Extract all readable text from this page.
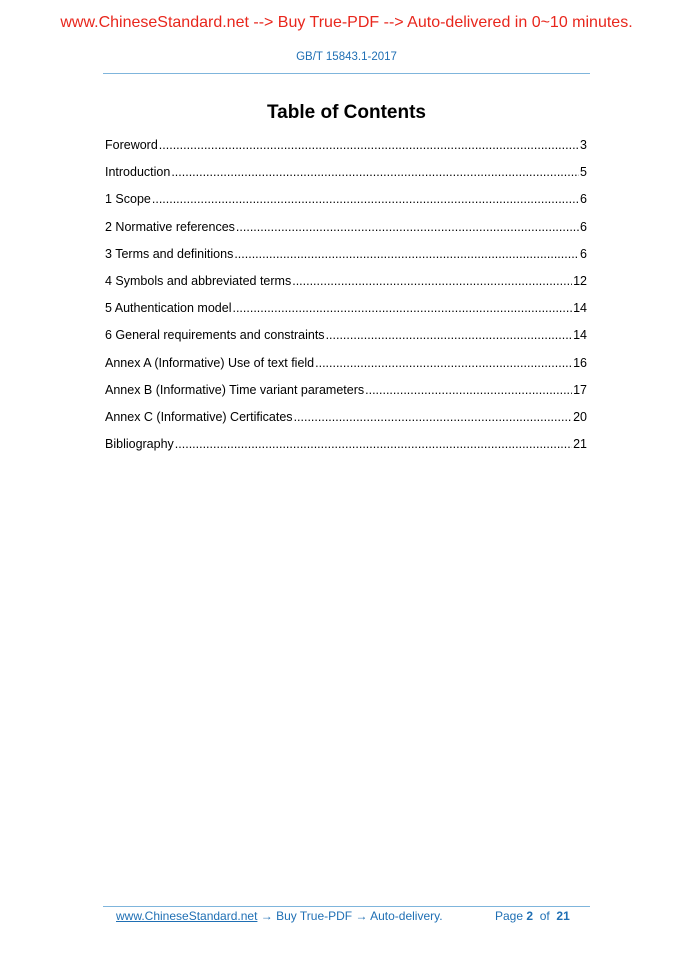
www.ChineseStandard.net --> Buy True-PDF --> Auto-delivered in 0~10 minutes.
GB/T 15843.1-2017
Table of Contents
Foreword .....	3
Introduction .....	5
1 Scope .....	6
2 Normative references .....	6
3 Terms and definitions .....	6
4 Symbols and abbreviated terms .....	12
5 Authentication model .....	14
6 General requirements and constraints .....	14
Annex A (Informative) Use of text field .....	16
Annex B (Informative) Time variant parameters .....	17
Annex C (Informative) Certificates .....	20
Bibliography .....	21
www.ChineseStandard.net → Buy True-PDF → Auto-delivery.	Page 2 of 21
